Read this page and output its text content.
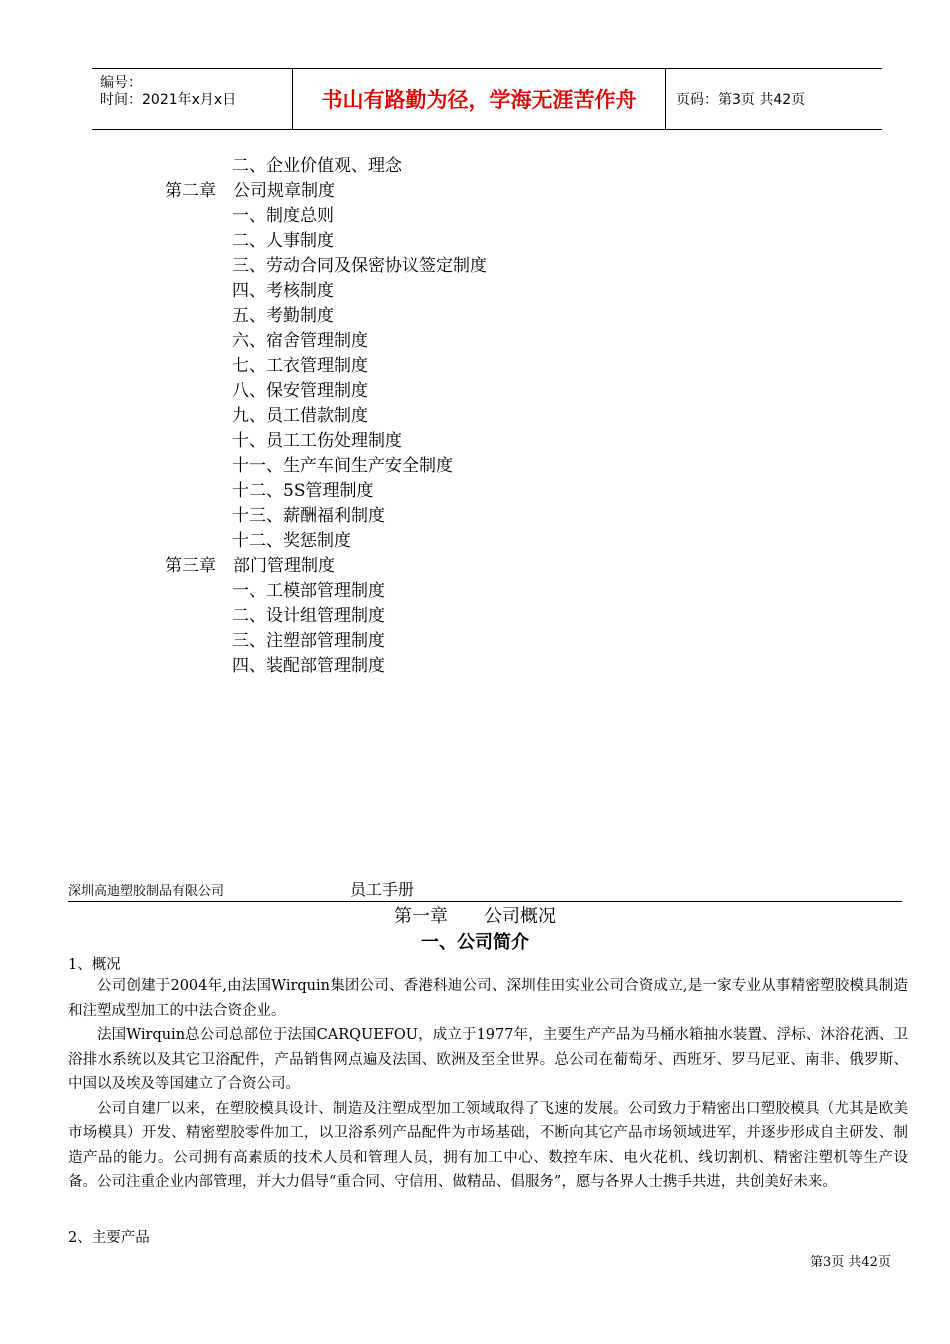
编号：
时间：2021年x月x日	书山有路勤为径，学海无涯苦作舟	页码：第3页 共42页
二、企业价值观、理念
第二章　公司规章制度
一、制度总则
二、人事制度
三、劳动合同及保密协议签定制度
四、考核制度
五、考勤制度
六、宿舍管理制度
七、工衣管理制度
八、保安管理制度
九、员工借款制度
十、员工工伤处理制度
十一、生产车间生产安全制度
十二、5S管理制度
十三、薪酬福利制度
十二、奖惩制度
第三章　部门管理制度
一、工模部管理制度
二、设计组管理制度
三、注塑部管理制度
四、装配部管理制度
深圳高迪塑胶制品有限公司	员工手册
第一章　　公司概况
一、公司简介
1、概况

公司创建于2004年,由法国Wirquin集团公司、香港科迪公司、深圳佳田实业公司合资成立,是一家专业从事精密塑胶模具制造和注塑成型加工的中法合资企业。

法国Wirquin总公司总部位于法国CARQUEFOU，成立于1977年，主要生产产品为马桶水箱抽水装置、浮标、沐浴花洒、卫浴排水系统以及其它卫浴配件，产品销售网点遍及法国、欧洲及至全世界。总公司在葡萄牙、西班牙、罗马尼亚、南非、俄罗斯、中国以及埃及等国建立了合资公司。

公司自建厂以来，在塑胶模具设计、制造及注塑成型加工领域取得了飞速的发展。公司致力于精密出口塑胶模具（尤其是欧美市场模具）开发、精密塑胶零件加工，以卫浴系列产品配件为市场基础，不断向其它产品市场领域进军，并逐步形成自主研发、制造产品的能力。公司拥有高素质的技术人员和管理人员，拥有加工中心、数控车床、电火花机、线切割机、精密注塑机等生产设备。公司注重企业内部管理，并大力倡导“重合同、守信用、做精品、倡服务”，愿与各界人士携手共进，共创美好未来。

2、主要产品
第3页 共42页
